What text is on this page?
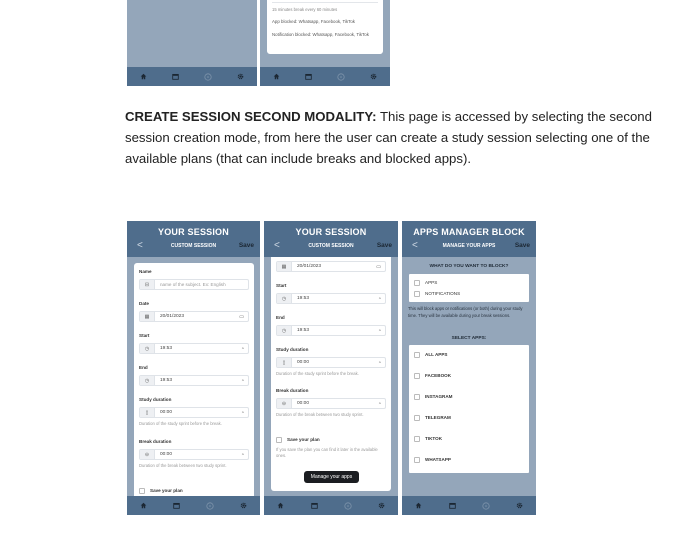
15 minutes break every 60 minutes
App blocked: Whatsapp, Facebook, TikTok
Notification blocked: Whatsapp, Facebook, TikTok
CREATE SESSION SECOND MODALITY: This page is accessed by selecting the second session creation mode, from here the user can create a study session selecting one of the available plans (that can include breaks and blocked apps).
YOUR SESSION
<	CUSTOM SESSION	Save
Name
⊟	name of the subject. Ex: English
Date
▦	20/01/2023	▭
Start
◷	19:53	◔
End
◷	19:53	◔
Study duration
▯	00:00	◔
Duration of the study sprint before the break.
Break duration
⊖	00:00	◔
Duration of the break between two study sprint.
Save your plan
YOUR SESSION
<	CUSTOM SESSION	Save
▦	20/01/2023	▭
Start
◷	19:53	◔
End
◷	19:53	◔
Study duration
▯	00:00	◔
Duration of the study sprint before the break.
Break duration
⊖	00:00	◔
Duration of the break between two study sprint.
Save your plan
If you save the plan you can find it later in the available ones.
Manage your apps
APPS MANAGER BLOCK
<	MANAGE YOUR APPS	Save
WHAT DO YOU WANT TO BLOCK?
APPS
NOTIFICATIONS
This will block apps or notifications (or both) during your study time. They will be available during your break sessions.
SELECT APPS:
ALL APPS
FACEBOOK
INSTAGRAM
TELEGRAM
TIKTOK
WHATSAPP
